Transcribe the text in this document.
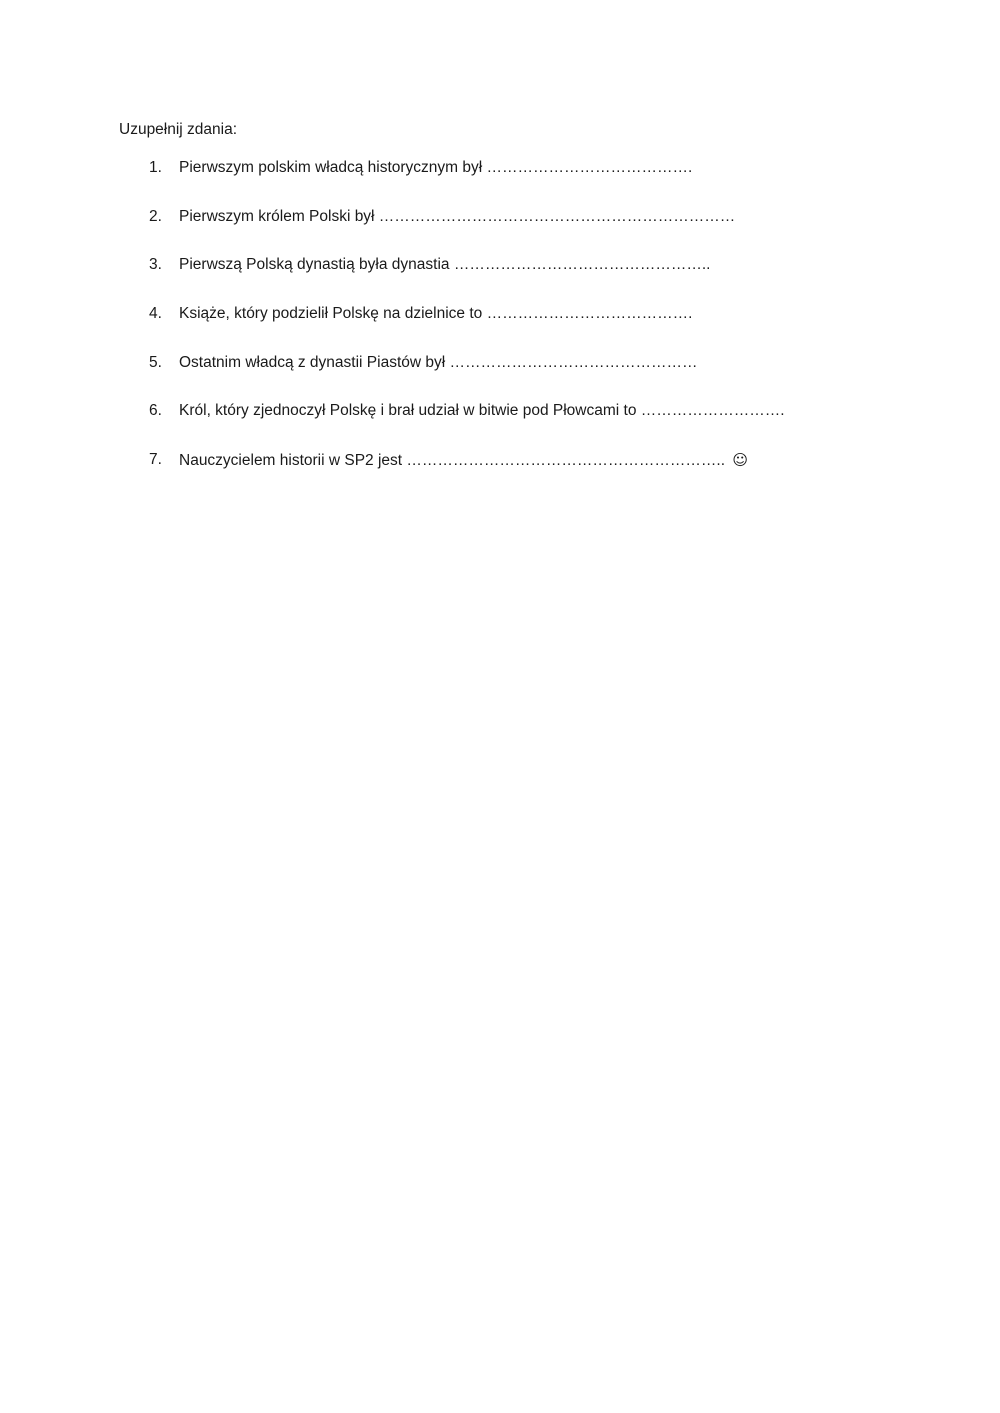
Uzupełnij zdania:
1. Pierwszym polskim władcą historycznym był ………………………………….
2. Pierwszym królem Polski był ……………………………………………………………
3. Pierwszą Polską dynastią była dynastia …………………………………………..
4. Książe, który podzielił Polskę na dzielnice to ………………………………….
5. Ostatnim władcą z dynastii Piastów był …………………………………………
6. Król, który zjednoczył Polskę i brał udział w bitwie pod Płowcami to ……………………….
7. Nauczycielem historii w SP2 jest …………………………………………………….. ☺
